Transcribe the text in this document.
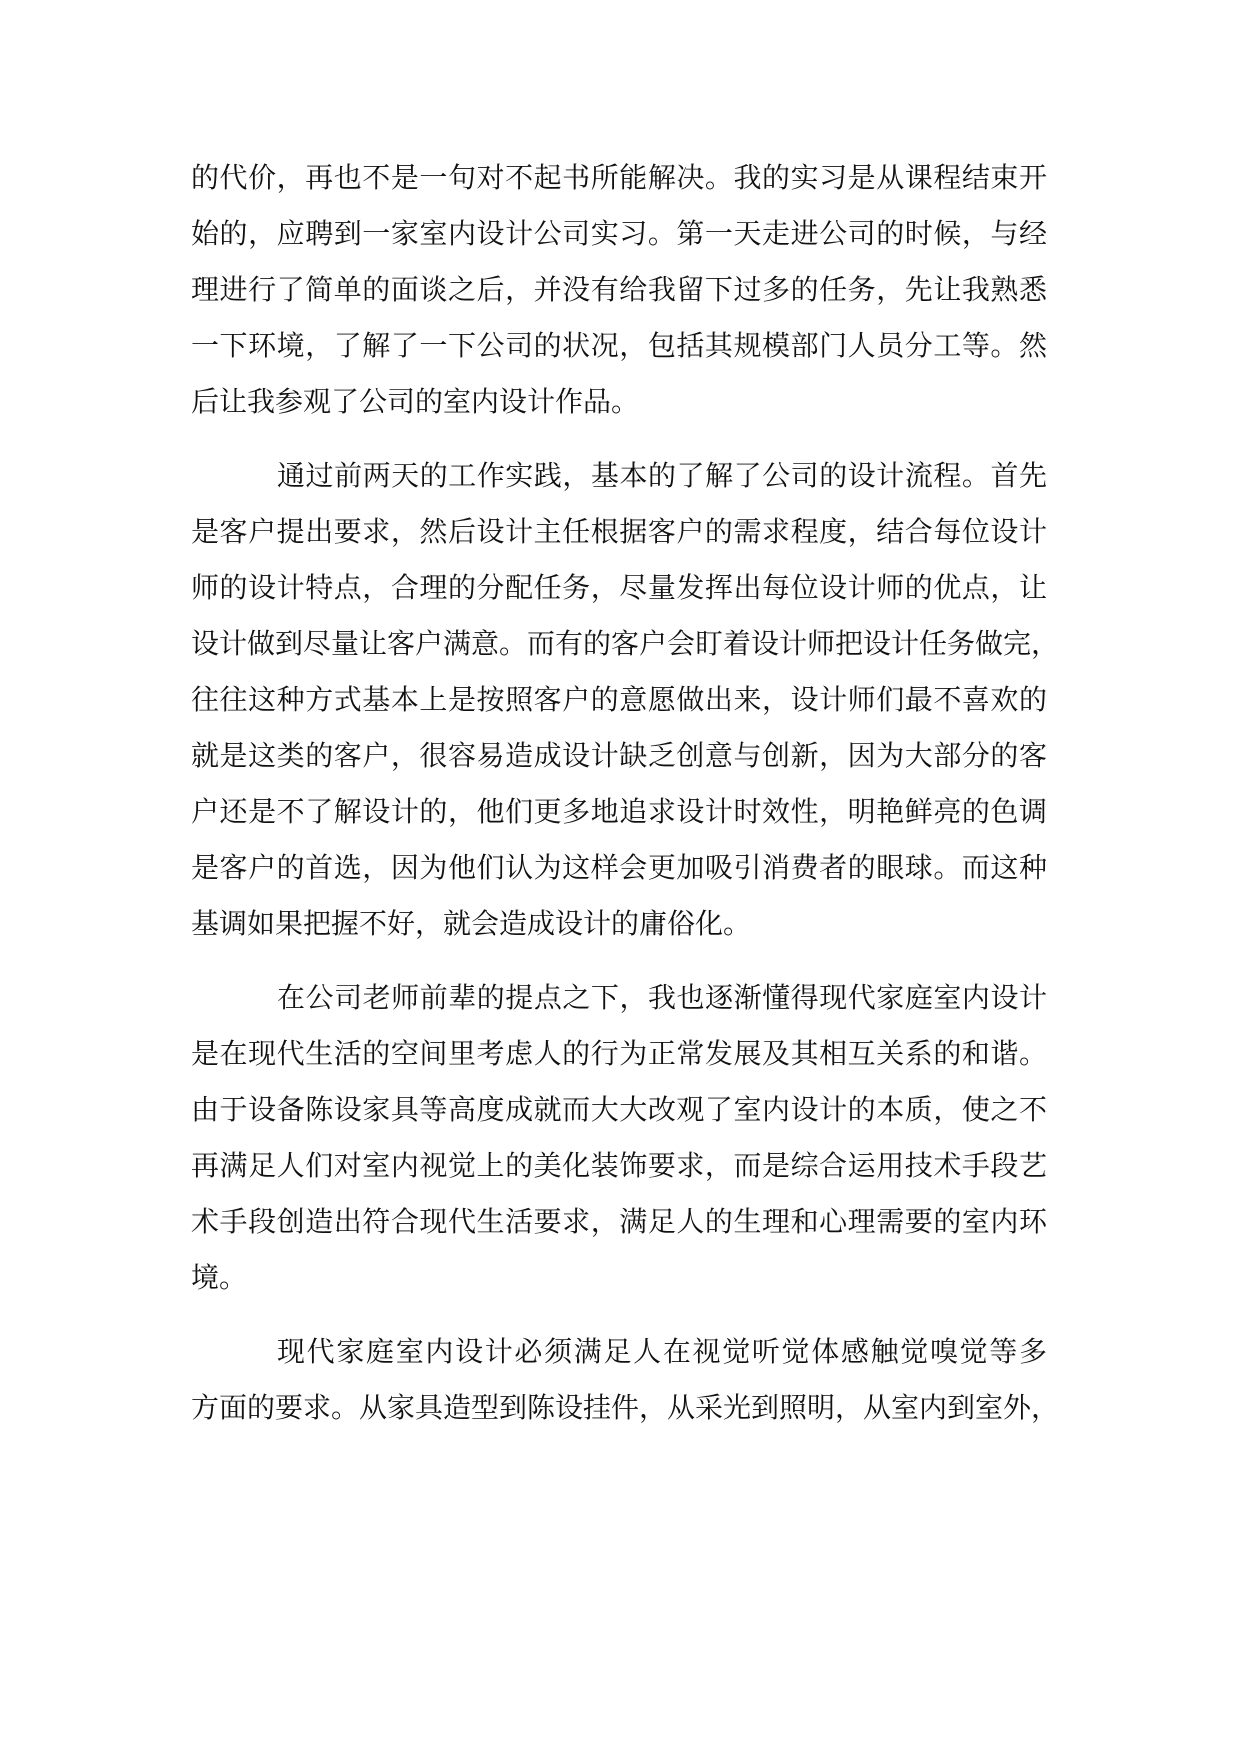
的代价，再也不是一句对不起书所能解决。我的实习是从课程结束开
始的，应聘到一家室内设计公司实习。第一天走进公司的时候，与经
理进行了简单的面谈之后，并没有给我留下过多的任务，先让我熟悉
一下环境，了解了一下公司的状况，包括其规模部门人员分工等。然
后让我参观了公司的室内设计作品。
通过前两天的工作实践，基本的了解了公司的设计流程。首先
是客户提出要求，然后设计主任根据客户的需求程度，结合每位设计
师的设计特点，合理的分配任务，尽量发挥出每位设计师的优点，让
设计做到尽量让客户满意。而有的客户会盯着设计师把设计任务做完，
往往这种方式基本上是按照客户的意愿做出来，设计师们最不喜欢的
就是这类的客户，很容易造成设计缺乏创意与创新，因为大部分的客
户还是不了解设计的，他们更多地追求设计时效性，明艳鲜亮的色调
是客户的首选，因为他们认为这样会更加吸引消费者的眼球。而这种
基调如果把握不好，就会造成设计的庸俗化。
在公司老师前辈的提点之下，我也逐渐懂得现代家庭室内设计
是在现代生活的空间里考虑人的行为正常发展及其相互关系的和谐。
由于设备陈设家具等高度成就而大大改观了室内设计的本质，使之不
再满足人们对室内视觉上的美化装饰要求，而是综合运用技术手段艺
术手段创造出符合现代生活要求，满足人的生理和心理需要的室内环
境。
现代家庭室内设计必须满足人在视觉听觉体感触觉嗅觉等多
方面的要求。从家具造型到陈设挂件，从采光到照明，从室内到室外，
